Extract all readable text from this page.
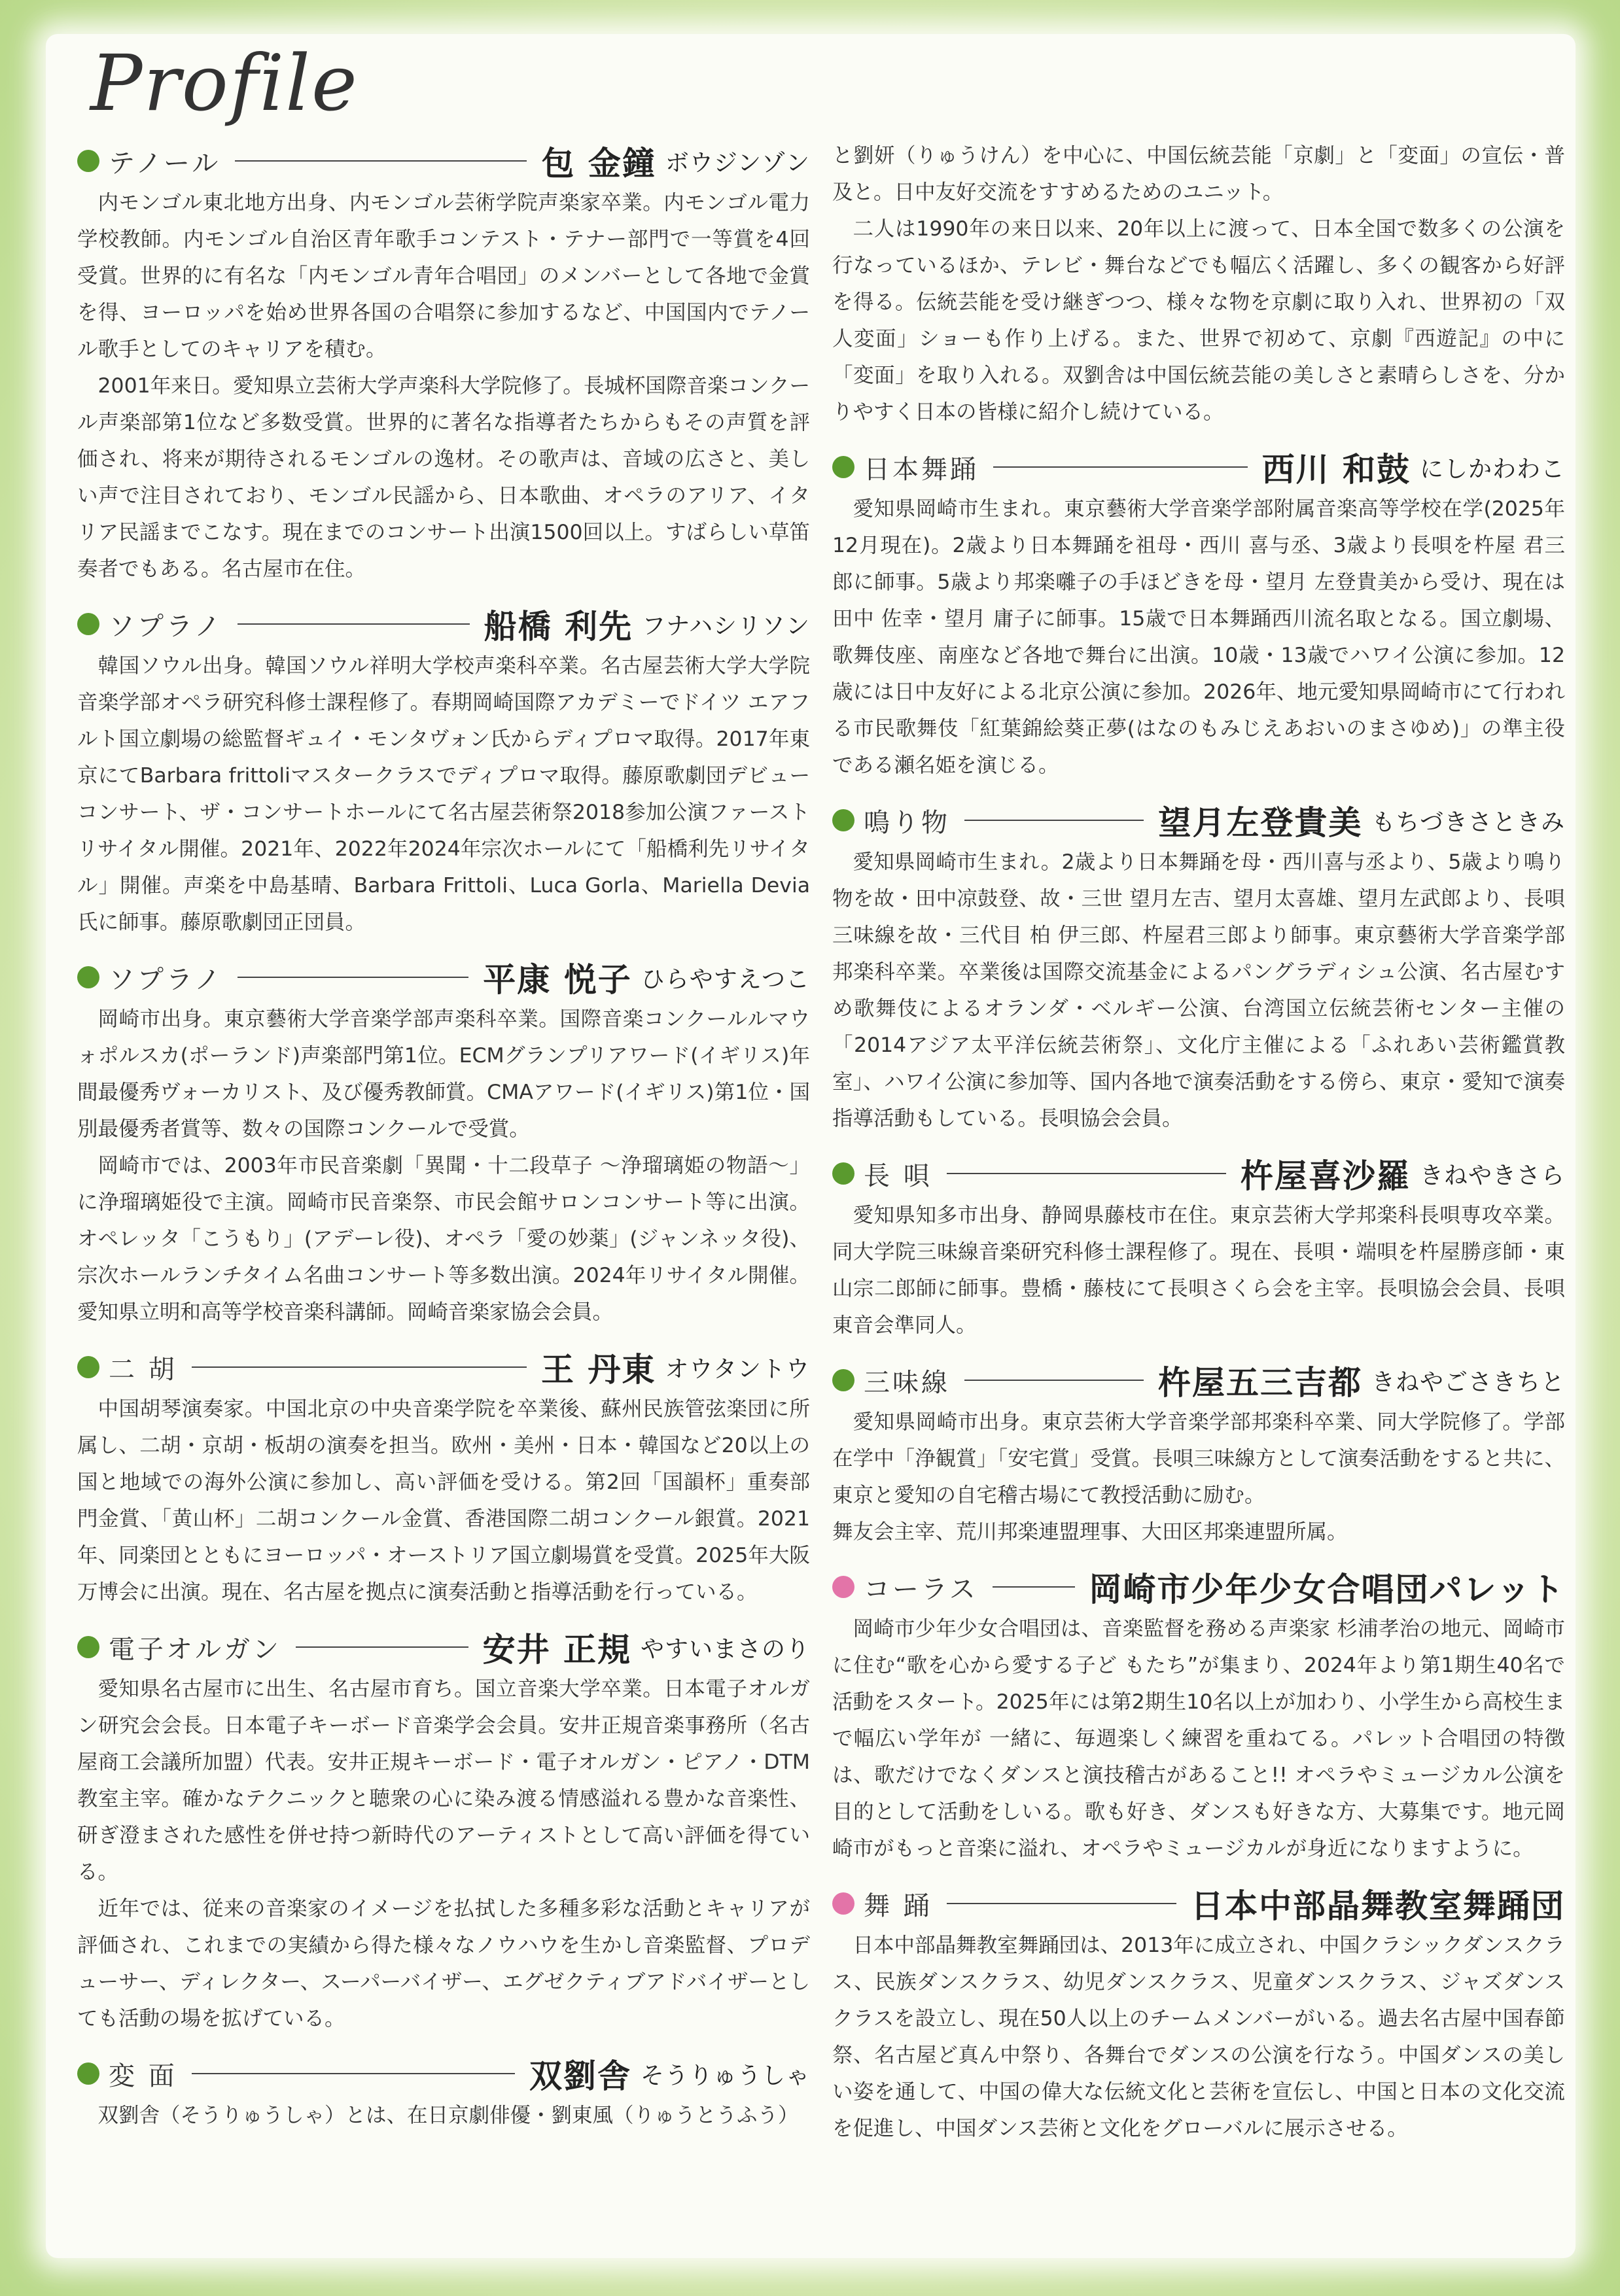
Profile
テノール	包 金鐘 ボウジンゾン

内モンゴル東北地方出身、内モンゴル芸術学院声楽家卒業。内モンゴル電力学校教師。内モンゴル自治区青年歌手コンテスト・テナー部門で一等賞を4回受賞。世界的に有名な「内モンゴル青年合唱団」のメンバーとして各地で金賞を得、ヨーロッパを始め世界各国の合唱祭に参加するなど、中国国内でテノール歌手としてのキャリアを積む。

2001年来日。愛知県立芸術大学声楽科大学院修了。長城杯国際音楽コンクール声楽部第1位など多数受賞。世界的に著名な指導者たちからもその声質を評価され、将来が期待されるモンゴルの逸材。その歌声は、音域の広さと、美しい声で注目されており、モンゴル民謡から、日本歌曲、オペラのアリア、イタリア民謡までこなす。現在までのコンサート出演1500回以上。すばらしい草笛奏者でもある。名古屋市在住。

ソプラノ	船橋 利先 フナハシリソン

韓国ソウル出身。韓国ソウル祥明大学校声楽科卒業。名古屋芸術大学大学院音楽学部オペラ研究科修士課程修了。春期岡崎国際アカデミーでドイツ エアフルト国立劇場の総監督ギュイ・モンタヴォン氏からディプロマ取得。2017年東京にてBarbara frittoliマスタークラスでディプロマ取得。藤原歌劇団デビューコンサート、ザ・コンサートホールにて名古屋芸術祭2018参加公演ファーストリサイタル開催。2021年、2022年2024年宗次ホールにて「船橋利先リサイタル」開催。声楽を中島基晴、Barbara Frittoli、Luca Gorla、Mariella Devia氏に師事。藤原歌劇団正団員。

ソプラノ	平康 悦子 ひらやすえつこ

岡崎市出身。東京藝術大学音楽学部声楽科卒業。国際音楽コンクールルマウォポルスカ(ポーランド)声楽部門第1位。ECMグランプリアワード(イギリス)年間最優秀ヴォーカリスト、及び優秀教師賞。CMAアワード(イギリス)第1位・国別最優秀者賞等、数々の国際コンクールで受賞。

岡崎市では、2003年市民音楽劇「異聞・十二段草子 〜浄瑠璃姫の物語〜」に浄瑠璃姫役で主演。岡崎市民音楽祭、市民会館サロンコンサート等に出演。オペレッタ「こうもり」(アデーレ役)、オペラ「愛の妙薬」(ジャンネッタ役)、宗次ホールランチタイム名曲コンサート等多数出演。2024年リサイタル開催。愛知県立明和高等学校音楽科講師。岡崎音楽家協会会員。

二 胡	王 丹東 オウタントウ

中国胡琴演奏家。中国北京の中央音楽学院を卒業後、蘇州民族管弦楽団に所属し、二胡・京胡・板胡の演奏を担当。欧州・美州・日本・韓国など20以上の国と地域での海外公演に参加し、高い評価を受ける。第2回「国韻杯」重奏部門金賞、「黄山杯」二胡コンクール金賞、香港国際二胡コンクール銀賞。2021年、同楽団とともにヨーロッパ・オーストリア国立劇場賞を受賞。2025年大阪万博会に出演。現在、名古屋を拠点に演奏活動と指導活動を行っている。

電子オルガン	安井 正規 やすいまさのり

愛知県名古屋市に出生、名古屋市育ち。国立音楽大学卒業。日本電子オルガン研究会会長。日本電子キーボード音楽学会会員。安井正規音楽事務所（名古屋商工会議所加盟）代表。安井正規キーボード・電子オルガン・ピアノ・DTM教室主宰。確かなテクニックと聴衆の心に染み渡る情感溢れる豊かな音楽性、研ぎ澄まされた感性を併せ持つ新時代のアーティストとして高い評価を得ている。

近年では、従来の音楽家のイメージを払拭した多種多彩な活動とキャリアが評価され、これまでの実績から得た様々なノウハウを生かし音楽監督、プロデューサー、ディレクター、スーパーバイザー、エグゼクティブアドバイザーとしても活動の場を拡げている。

変 面	双劉舎 そうりゅうしゃ

双劉舎（そうりゅうしゃ）とは、在日京劇俳優・劉東風（りゅうとうふう）

と劉妍（りゅうけん）を中心に、中国伝統芸能「京劇」と「変面」の宣伝・普及と。日中友好交流をすすめるためのユニット。

二人は1990年の来日以来、20年以上に渡って、日本全国で数多くの公演を行なっているほか、テレビ・舞台などでも幅広く活躍し、多くの観客から好評を得る。伝統芸能を受け継ぎつつ、様々な物を京劇に取り入れ、世界初の「双人変面」ショーも作り上げる。また、世界で初めて、京劇『西遊記』の中に「変面」を取り入れる。双劉舎は中国伝統芸能の美しさと素晴らしさを、分かりやすく日本の皆様に紹介し続けている。

日本舞踊	西川 和鼓 にしかわわこ

愛知県岡崎市生まれ。東京藝術大学音楽学部附属音楽高等学校在学(2025年12月現在)。2歳より日本舞踊を祖母・西川 喜与丞、3歳より長唄を杵屋 君三郎に師事。5歳より邦楽囃子の手ほどきを母・望月 左登貴美から受け、現在は田中 佐幸・望月 庸子に師事。15歳で日本舞踊西川流名取となる。国立劇場、歌舞伎座、南座など各地で舞台に出演。10歳・13歳でハワイ公演に参加。12歳には日中友好による北京公演に参加。2026年、地元愛知県岡崎市にて行われる市民歌舞伎「紅葉錦絵葵正夢(はなのもみじえあおいのまさゆめ)」の準主役である瀬名姫を演じる。

鳴り物	望月左登貴美 もちづきさときみ

愛知県岡崎市生まれ。2歳より日本舞踊を母・西川喜与丞より、5歳より鳴り物を故・田中凉鼓登、故・三世 望月左吉、望月太喜雄、望月左武郎より、長唄三味線を故・三代目 柏 伊三郎、杵屋君三郎より師事。東京藝術大学音楽学部邦楽科卒業。卒業後は国際交流基金によるパングラディシュ公演、名古屋むすめ歌舞伎によるオランダ・ベルギー公演、台湾国立伝統芸術センター主催の「2014アジア太平洋伝統芸術祭」、文化庁主催による「ふれあい芸術鑑賞教室」、ハワイ公演に参加等、国内各地で演奏活動をする傍ら、東京・愛知で演奏指導活動もしている。長唄協会会員。

長 唄	杵屋喜沙羅 きねやきさら

愛知県知多市出身、静岡県藤枝市在住。東京芸術大学邦楽科長唄専攻卒業。同大学院三味線音楽研究科修士課程修了。現在、長唄・端唄を杵屋勝彦師・東山宗二郎師に師事。豊橋・藤枝にて長唄さくら会を主宰。長唄協会会員、長唄東音会準同人。

三味線	杵屋五三吉都 きねやごさきちと

愛知県岡崎市出身。東京芸術大学音楽学部邦楽科卒業、同大学院修了。学部在学中「浄観賞」「安宅賞」受賞。長唄三味線方として演奏活動をすると共に、東京と愛知の自宅稽古場にて教授活動に励む。

舞友会主宰、荒川邦楽連盟理事、大田区邦楽連盟所属。

コーラス	岡崎市少年少女合唱団パレット

岡崎市少年少女合唱団は、音楽監督を務める声楽家 杉浦孝治の地元、岡崎市に住む“歌を心から愛する子ど もたち”が集まり、2024年より第1期生40名で活動をスタート。2025年には第2期生10名以上が加わり、小学生から高校生まで幅広い学年が 一緒に、毎週楽しく練習を重ねてる。パレット合唱団の特徴は、歌だけでなくダンスと演技稽古があること!! オペラやミュージカル公演を目的として活動をしいる。歌も好き、ダンスも好きな方、大募集です。地元岡崎市がもっと音楽に溢れ、オペラやミュージカルが身近になりますように。

舞 踊	日本中部晶舞教室舞踊団

日本中部晶舞教室舞踊団は、2013年に成立され、中国クラシックダンスクラス、民族ダンスクラス、幼児ダンスクラス、児童ダンスクラス、ジャズダンスクラスを設立し、現在50人以上のチームメンバーがいる。過去名古屋中国春節祭、名古屋ど真ん中祭り、各舞台でダンスの公演を行なう。中国ダンスの美しい姿を通して、中国の偉大な伝統文化と芸術を宣伝し、中国と日本の文化交流を促進し、中国ダンス芸術と文化をグローバルに展示させる。
